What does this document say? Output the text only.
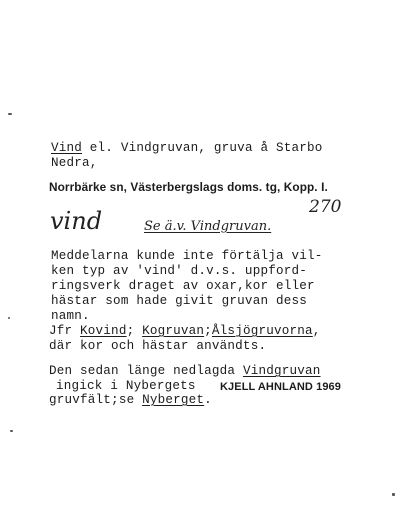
Vind el. Vindgruvan, gruva å Starbo
Nedra,
Norrbärke sn, Västerbergslags doms. tg, Kopp. I.
270
vind	Se ä.v. Vindgruvan.
Meddelarna kunde inte förtälja vil-
ken typ av 'vind' d.v.s. uppford-
ringsverk draget av oxar,kor eller
hästar som hade givit gruvan dess
namn.
Jfr Kovind; Kogruvan;Ålsjögruvorna,
där kor och hästar användts.
Den sedan länge nedlagda Vindgruvan
ingick i Nybergets
gruvfält;se Nyberget.
KJELL AHNLAND 1969
